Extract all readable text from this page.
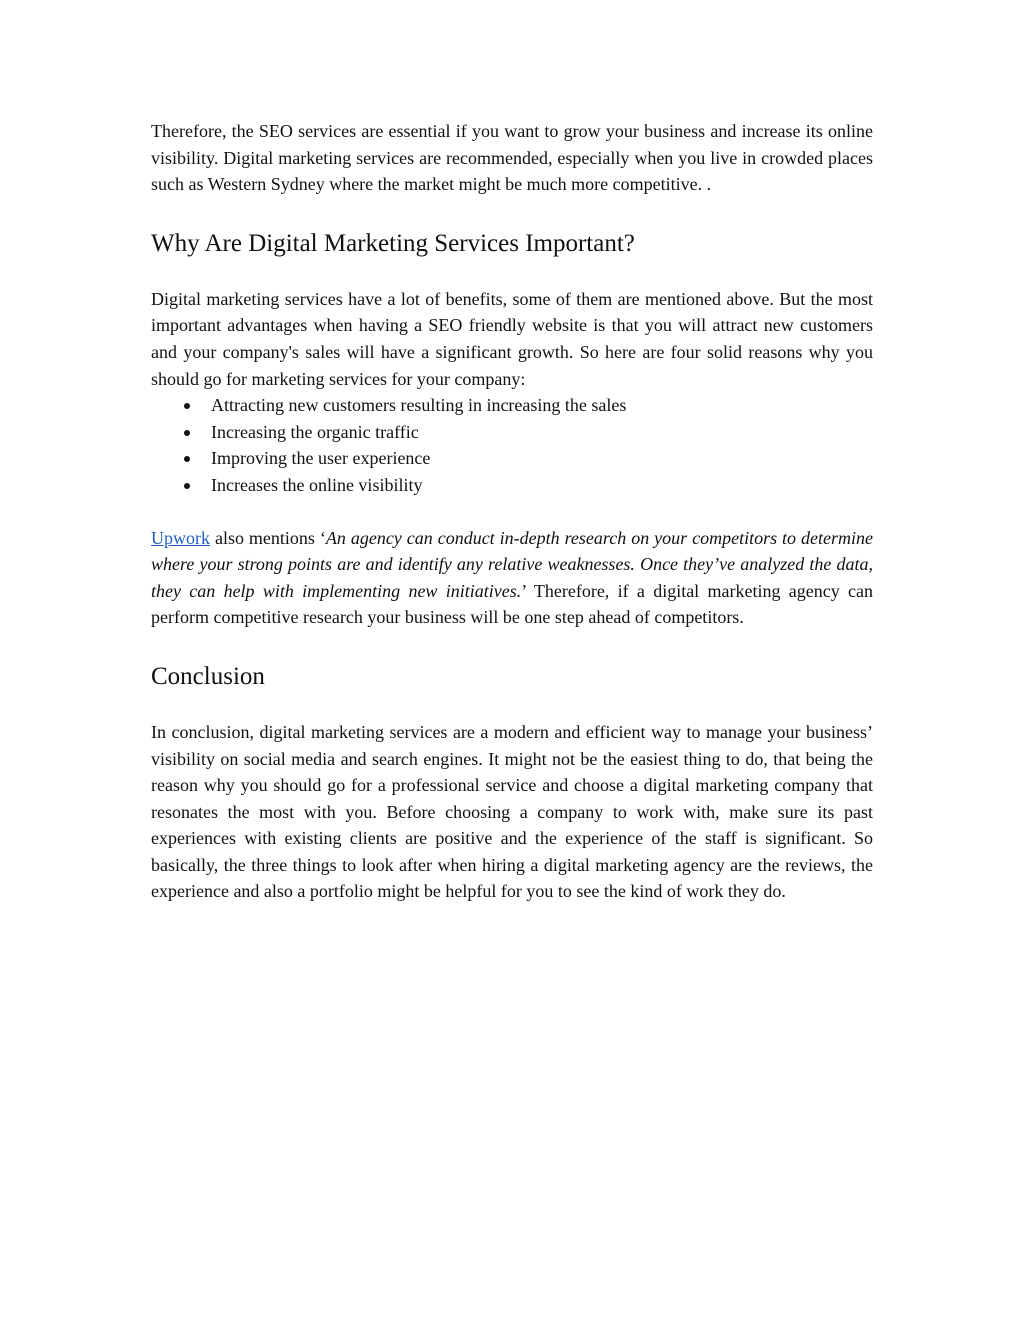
Therefore, the SEO services are essential if you want to grow your business and increase its online visibility. Digital marketing services are recommended, especially when you live in crowded places such as Western Sydney where the market might be much more competitive. .

Why Are Digital Marketing Services Important?

Digital marketing services have a lot of benefits, some of them are mentioned above. But the most important advantages when having a SEO friendly website is that you will attract new customers and your company's sales will have a significant growth. So here are four solid reasons why you should go for marketing services for your company:

Attracting new customers resulting in increasing the sales
Increasing the organic traffic
Improving the user experience
Increases the online visibility

Upwork also mentions ‘An agency can conduct in-depth research on your competitors to determine where your strong points are and identify any relative weaknesses. Once they’ve analyzed the data, they can help with implementing new initiatives.’ Therefore, if a digital marketing agency can perform competitive research your business will be one step ahead of competitors.

Conclusion

In conclusion, digital marketing services are a modern and efficient way to manage your business’ visibility on social media and search engines. It might not be the easiest thing to do, that being the reason why you should go for a professional service and choose a digital marketing company that resonates the most with you. Before choosing a company to work with, make sure its past experiences with existing clients are positive and the experience of the staff is significant. So basically, the three things to look after when hiring a digital marketing agency are the reviews, the experience and also a portfolio might be helpful for you to see the kind of work they do.
